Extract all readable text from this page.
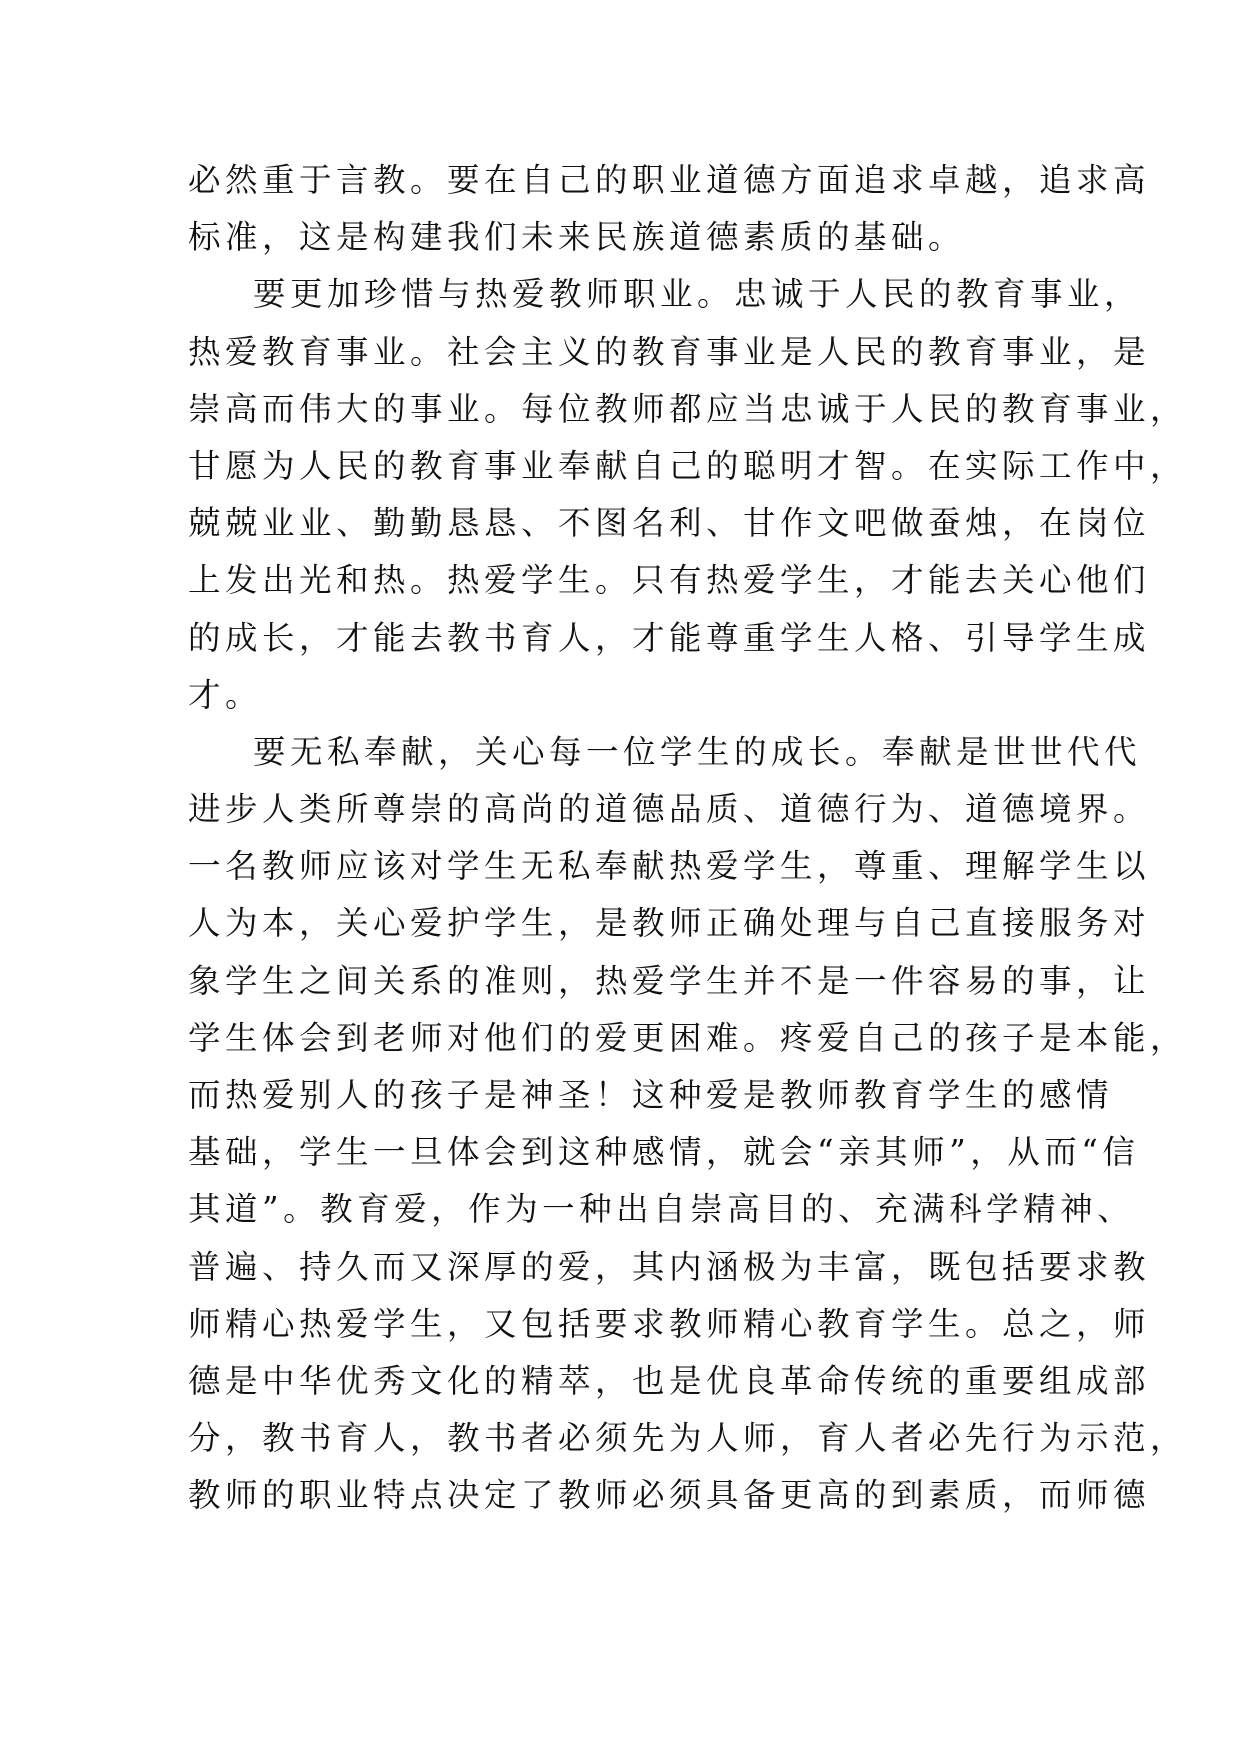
必然重于言教。要在自己的职业道德方面追求卓越，追求高
标准，这是构建我们未来民族道德素质的基础。
要更加珍惜与热爱教师职业。忠诚于人民的教育事业，
热爱教育事业。社会主义的教育事业是人民的教育事业，是
崇高而伟大的事业。每位教师都应当忠诚于人民的教育事业，
甘愿为人民的教育事业奉献自己的聪明才智。在实际工作中，
兢兢业业、勤勤恳恳、不图名利、甘作文吧做蚕烛，在岗位
上发出光和热。热爱学生。只有热爱学生，才能去关心他们
的成长，才能去教书育人，才能尊重学生人格、引导学生成
才。
要无私奉献，关心每一位学生的成长。奉献是世世代代
进步人类所尊崇的高尚的道德品质、道德行为、道德境界。
一名教师应该对学生无私奉献热爱学生，尊重、理解学生以
人为本，关心爱护学生，是教师正确处理与自己直接服务对
象学生之间关系的准则，热爱学生并不是一件容易的事，让
学生体会到老师对他们的爱更困难。疼爱自己的孩子是本能，
而热爱别人的孩子是神圣！这种爱是教师教育学生的感情
基础，学生一旦体会到这种感情，就会“亲其师”，从而“信
其道”。教育爱，作为一种出自崇高目的、充满科学精神、
普遍、持久而又深厚的爱，其内涵极为丰富，既包括要求教
师精心热爱学生，又包括要求教师精心教育学生。总之，师
德是中华优秀文化的精萃，也是优良革命传统的重要组成部
分，教书育人，教书者必须先为人师，育人者必先行为示范，
教师的职业特点决定了教师必须具备更高的到素质，而师德
